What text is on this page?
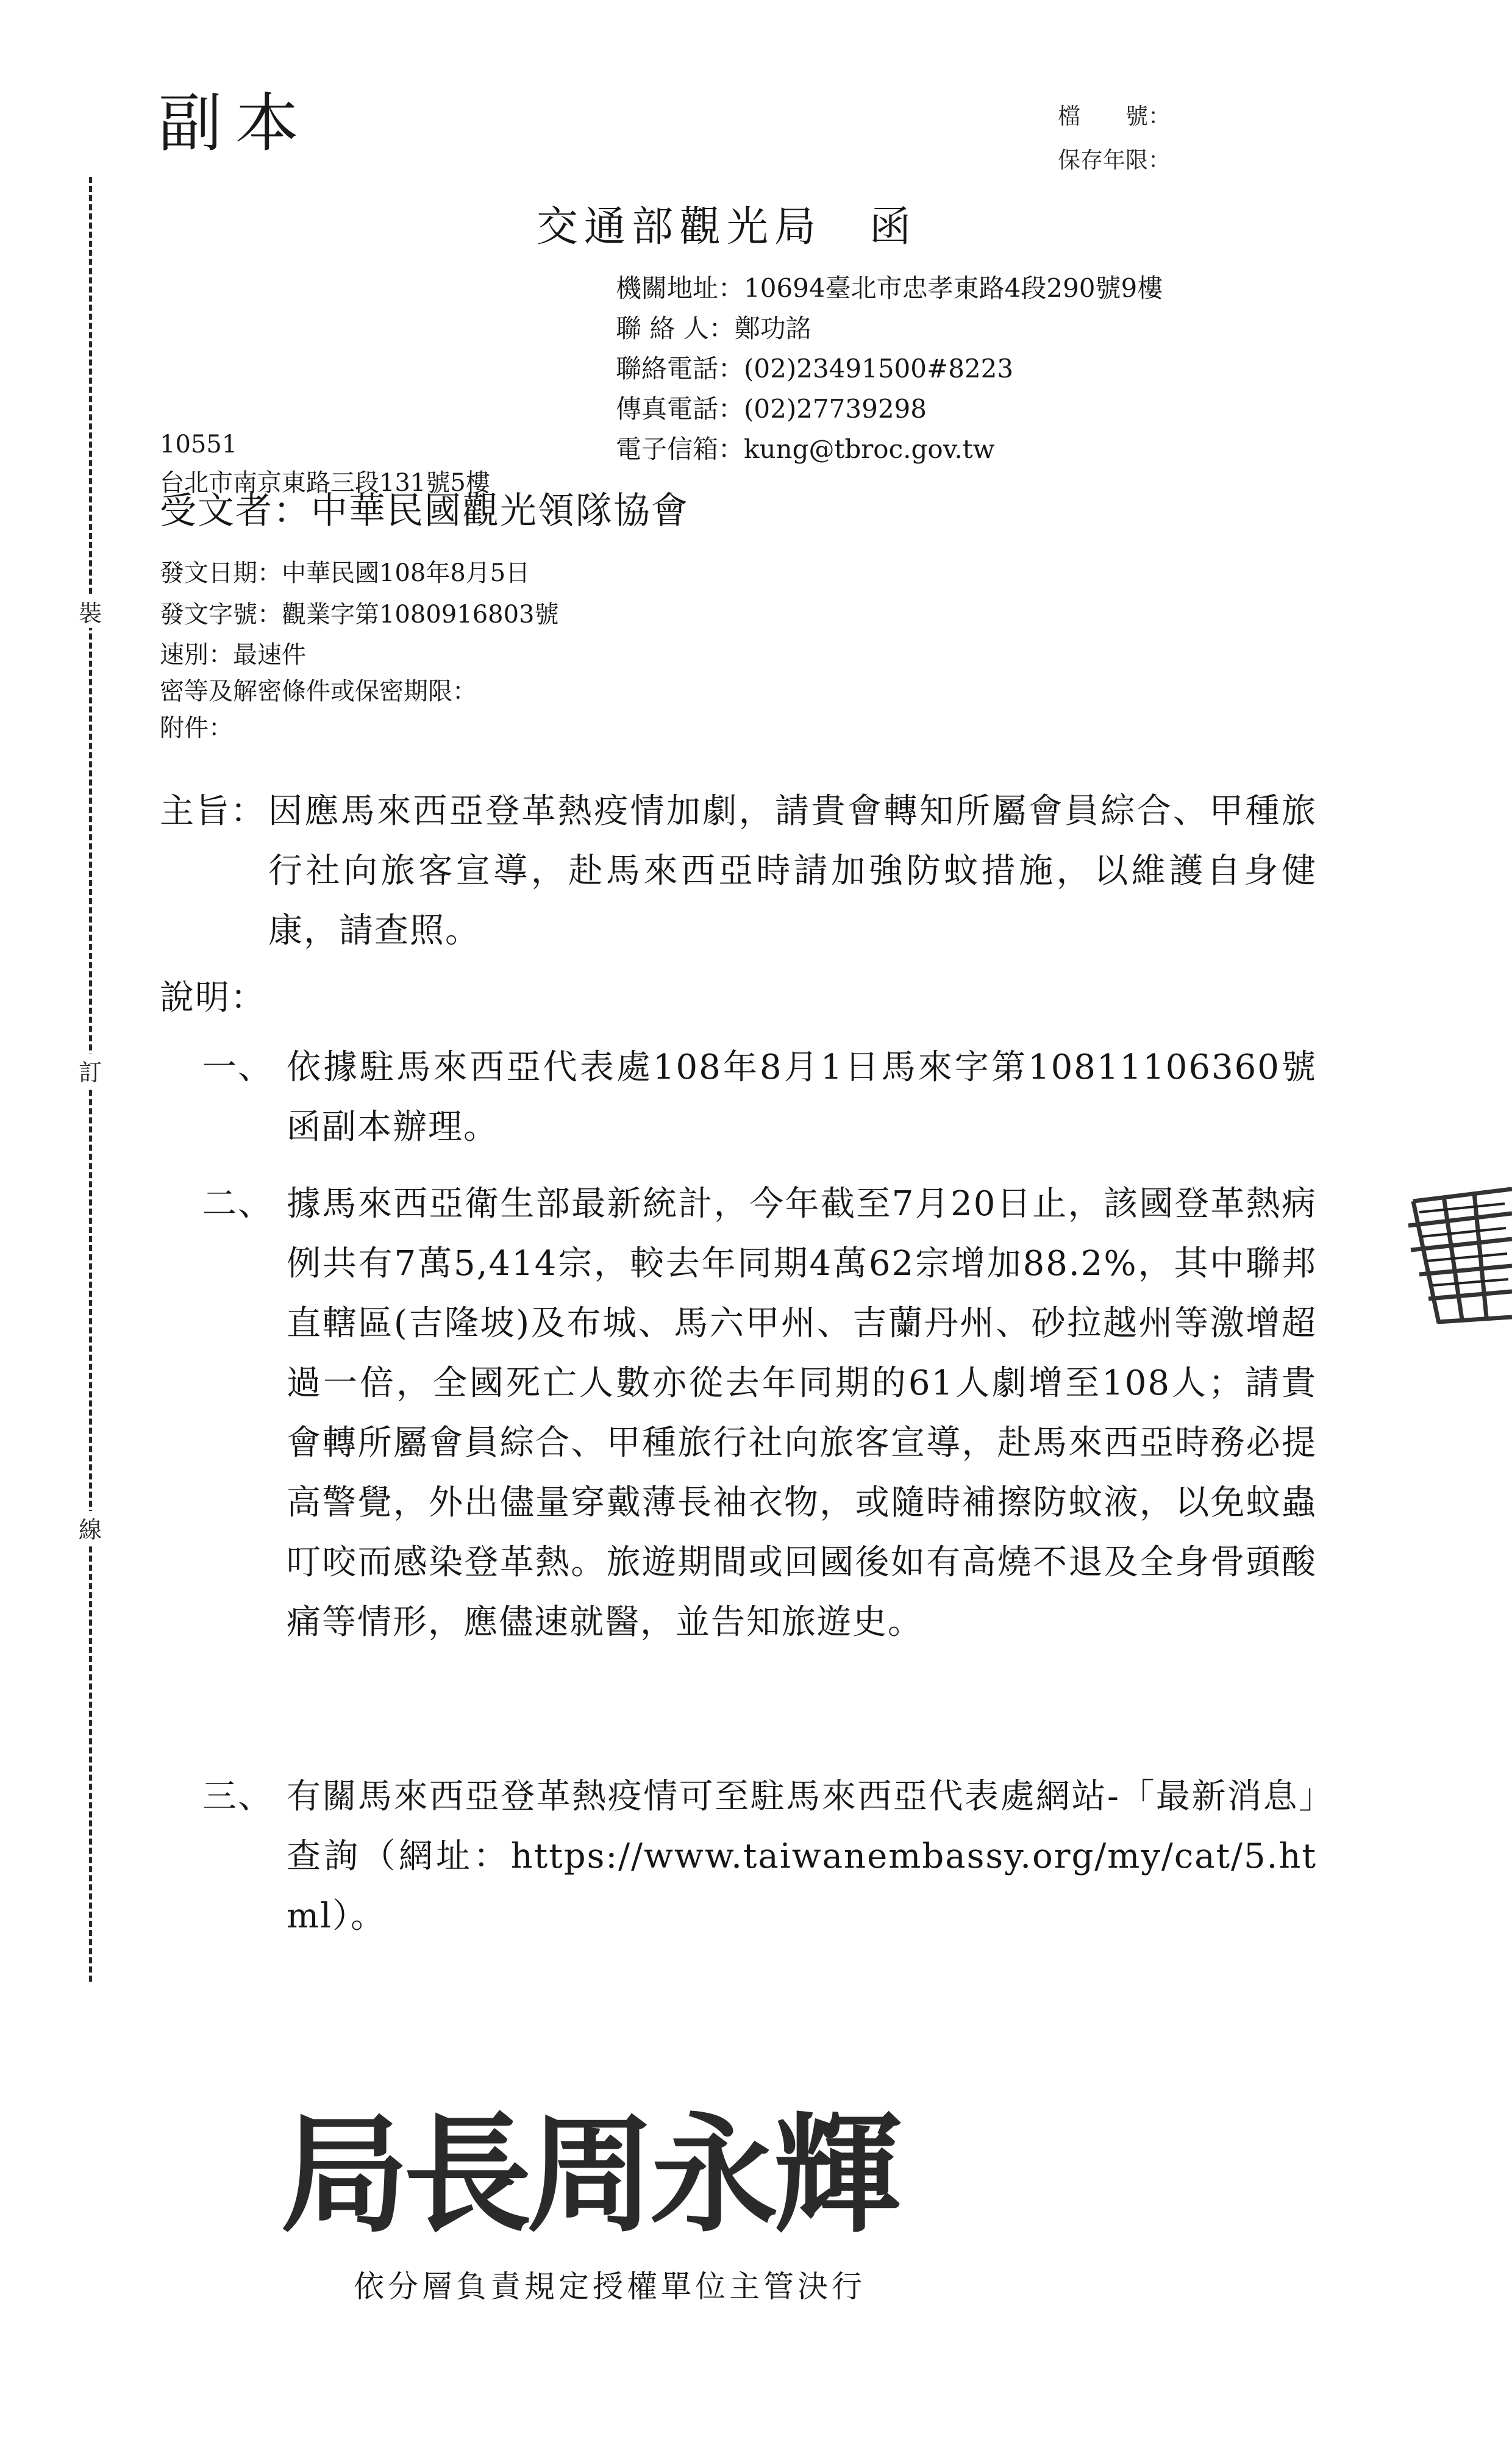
副本	檔　　號：
保存年限：
交通部觀光局　函
機關地址：10694臺北市忠孝東路4段290號9樓
聯 絡 人：鄭功詺
聯絡電話：(02)23491500#8223
傳真電話：(02)27739298
電子信箱：kung@tbroc.gov.tw
10551
台北市南京東路三段131號5樓
受文者：中華民國觀光領隊協會
發文日期：中華民國108年8月5日
發文字號：觀業字第1080916803號
速別：最速件
密等及解密條件或保密期限：
附件：
裝
訂
線
主旨： 因應馬來西亞登革熱疫情加劇，請貴會轉知所屬會員綜合、甲種旅行社向旅客宣導，赴馬來西亞時請加強防蚊措施，以維護自身健康，請查照。
說明：
一、 依據駐馬來西亞代表處108年8月1日馬來字第10811106360號函副本辦理。
二、 據馬來西亞衛生部最新統計，今年截至7月20日止，該國登革熱病例共有7萬5,414宗，較去年同期4萬62宗增加88.2%，其中聯邦直轄區(吉隆坡)及布城、馬六甲州、吉蘭丹州、砂拉越州等激增超過一倍，全國死亡人數亦從去年同期的61人劇增至108人；請貴會轉所屬會員綜合、甲種旅行社向旅客宣導，赴馬來西亞時務必提高警覺，外出儘量穿戴薄長袖衣物，或隨時補擦防蚊液，以免蚊蟲叮咬而感染登革熱。旅遊期間或回國後如有高燒不退及全身骨頭酸痛等情形，應儘速就醫，並告知旅遊史。
三、 有關馬來西亞登革熱疫情可至駐馬來西亞代表處網站-「最新消息」查詢（網址：https://www.taiwanembassy.org/my/cat/5.html）。
局長周永輝
依分層負責規定授權單位主管決行
